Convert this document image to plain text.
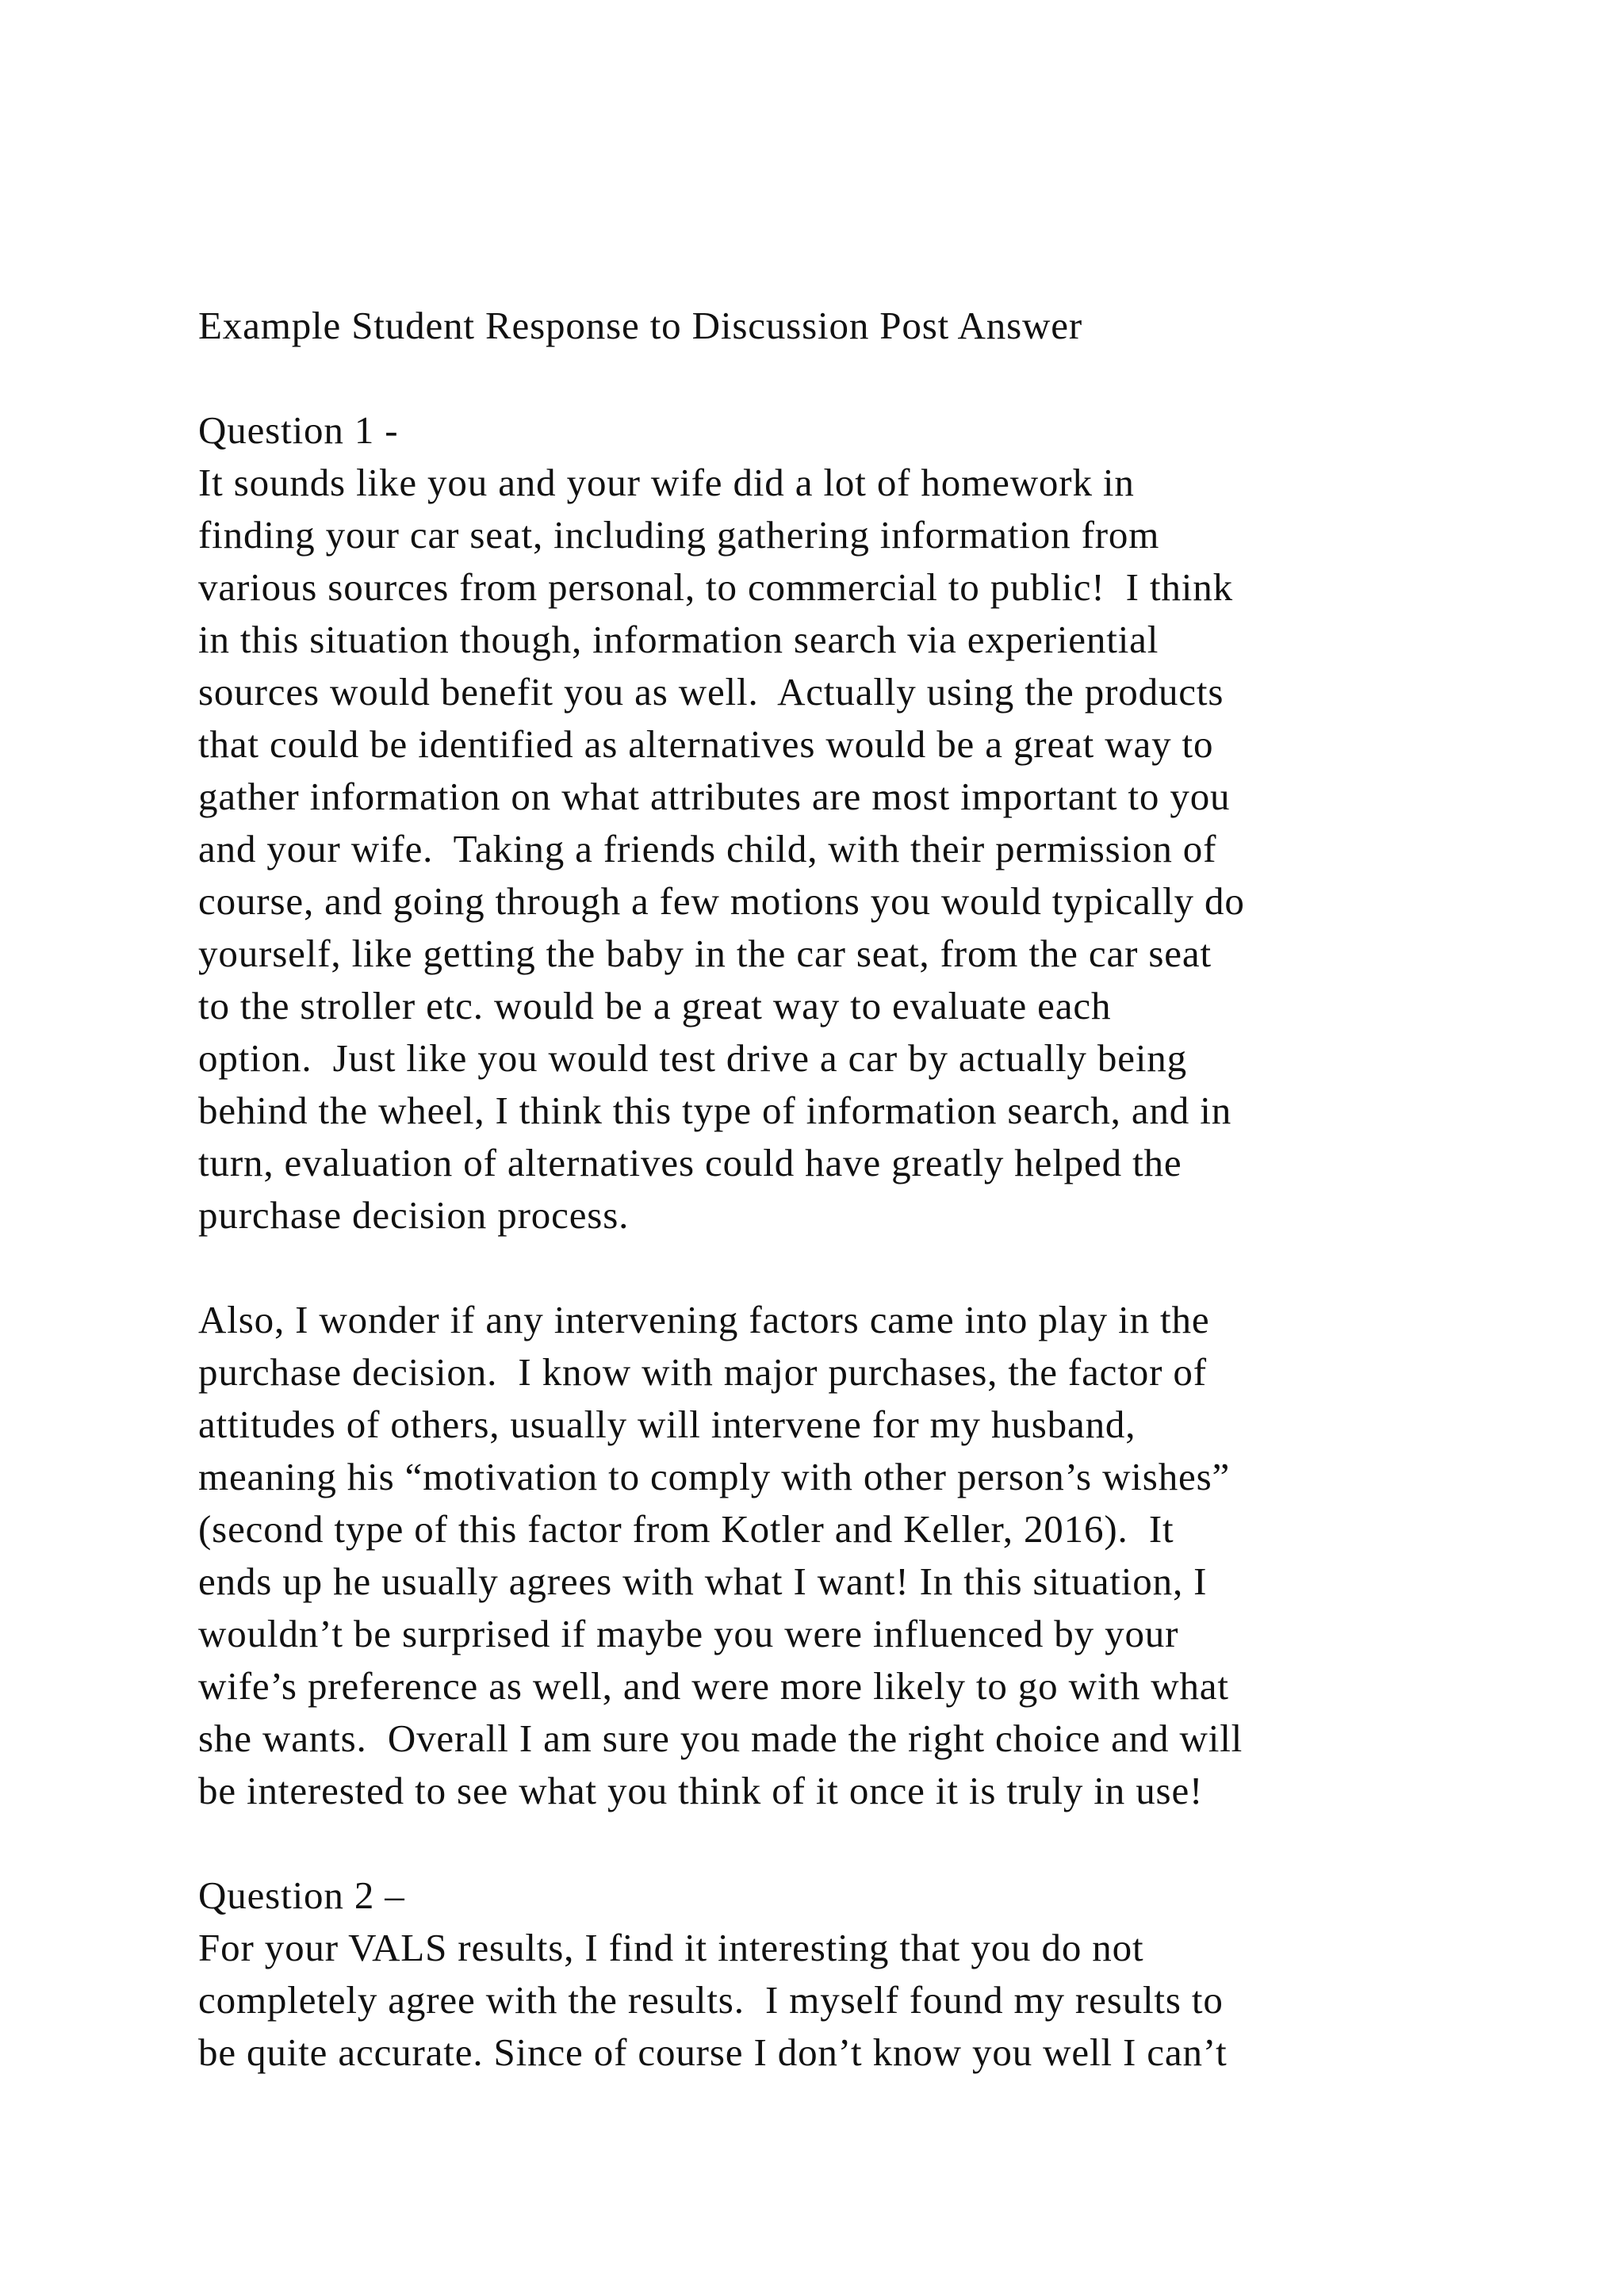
Example Student Response to Discussion Post Answer
Question 1 -
It sounds like you and your wife did a lot of homework in
finding your car seat, including gathering information from
various sources from personal, to commercial to public!  I think
in this situation though, information search via experiential
sources would benefit you as well.  Actually using the products
that could be identified as alternatives would be a great way to
gather information on what attributes are most important to you
and your wife.  Taking a friends child, with their permission of
course, and going through a few motions you would typically do
yourself, like getting the baby in the car seat, from the car seat
to the stroller etc. would be a great way to evaluate each
option.  Just like you would test drive a car by actually being
behind the wheel, I think this type of information search, and in
turn, evaluation of alternatives could have greatly helped the
purchase decision process.
Also, I wonder if any intervening factors came into play in the
purchase decision.  I know with major purchases, the factor of
attitudes of others, usually will intervene for my husband,
meaning his “motivation to comply with other person’s wishes”
(second type of this factor from Kotler and Keller, 2016).  It
ends up he usually agrees with what I want! In this situation, I
wouldn’t be surprised if maybe you were influenced by your
wife’s preference as well, and were more likely to go with what
she wants.  Overall I am sure you made the right choice and will
be interested to see what you think of it once it is truly in use!
Question 2 –
For your VALS results, I find it interesting that you do not
completely agree with the results.  I myself found my results to
be quite accurate. Since of course I don’t know you well I can’t
